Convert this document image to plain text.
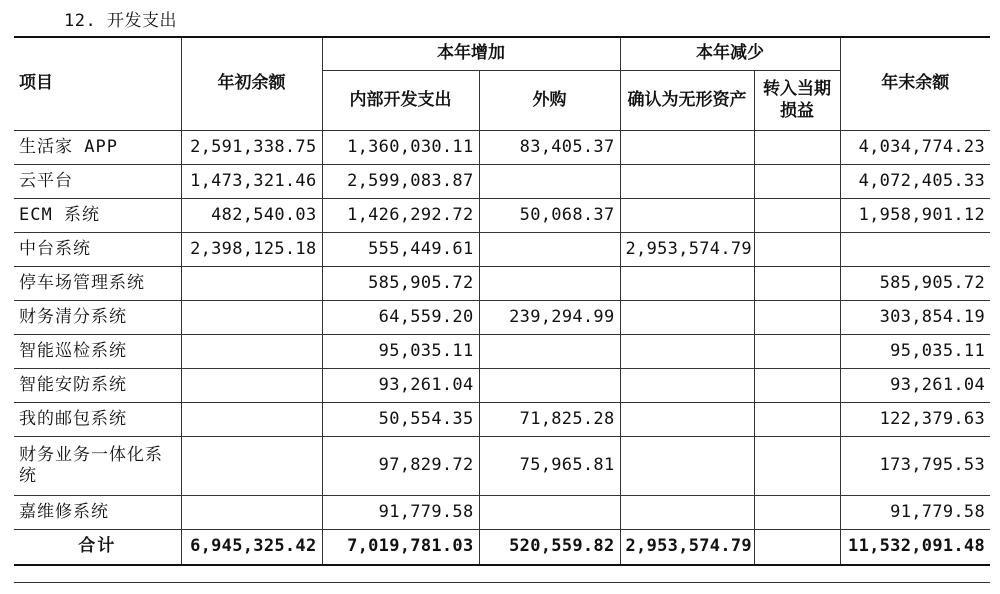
12. 开发支出
项目	年初余额	本年增加		本年减少		年末余额
		内部开发支出	外购	确认为无形资产	转入当期损益	
生活家 APP	2,591,338.75	1,360,030.11	83,405.37			4,034,774.23
云平台	1,473,321.46	2,599,083.87				4,072,405.33
ECM 系统	482,540.03	1,426,292.72	50,068.37			1,958,901.12
中台系统	2,398,125.18	555,449.61		2,953,574.79		
停车场管理系统		585,905.72				585,905.72
财务清分系统		64,559.20	239,294.99			303,854.19
智能巡检系统		95,035.11				95,035.11
智能安防系统		93,261.04				93,261.04
我的邮包系统		50,554.35	71,825.28			122,379.63
财务业务一体化系统		97,829.72	75,965.81			173,795.53
嘉维修系统		91,779.58				91,779.58
合计	6,945,325.42	7,019,781.03	520,559.82	2,953,574.79		11,532,091.48
